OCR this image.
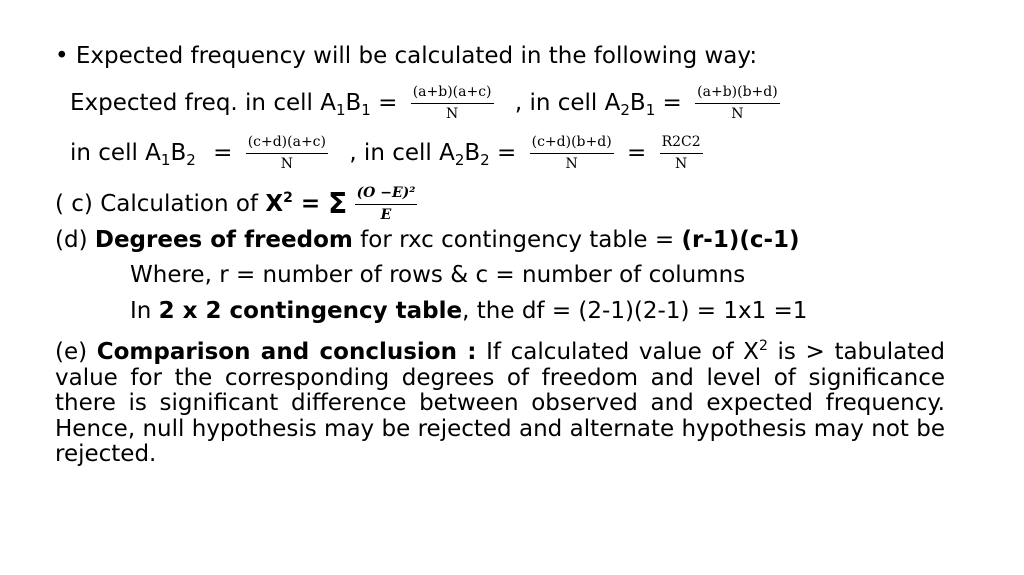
• Expected frequency will be calculated in the following way:
Expected freq. in cell $A_1B_1 = \frac{(a+b)(a+c)}{N}$ , in cell $A_2B_1 = \frac{(a+b)(b+d)}{N}$
in cell $A_1B_2 = \frac{(c+d)(a+c)}{N}$ , in cell $A_2B_2 = \frac{(c+d)(b+d)}{N} = \frac{R2C2}{N}$
( c) Calculation of $X^2 = \Sigma \frac{\text{(O −E)²}}{E}$
(d) Degrees of freedom for rxc contingency table = (r-1)(c-1)
Where, r = number of rows & c = number of columns
In 2 x 2 contingency table, the df = (2-1)(2-1) = 1x1 =1
(e) Comparison and conclusion : If calculated value of $X^2$ is > tabulated value for the corresponding degrees of freedom and level of significance there is significant difference between observed and expected frequency. Hence, null hypothesis may be rejected and alternate hypothesis may not be rejected.
